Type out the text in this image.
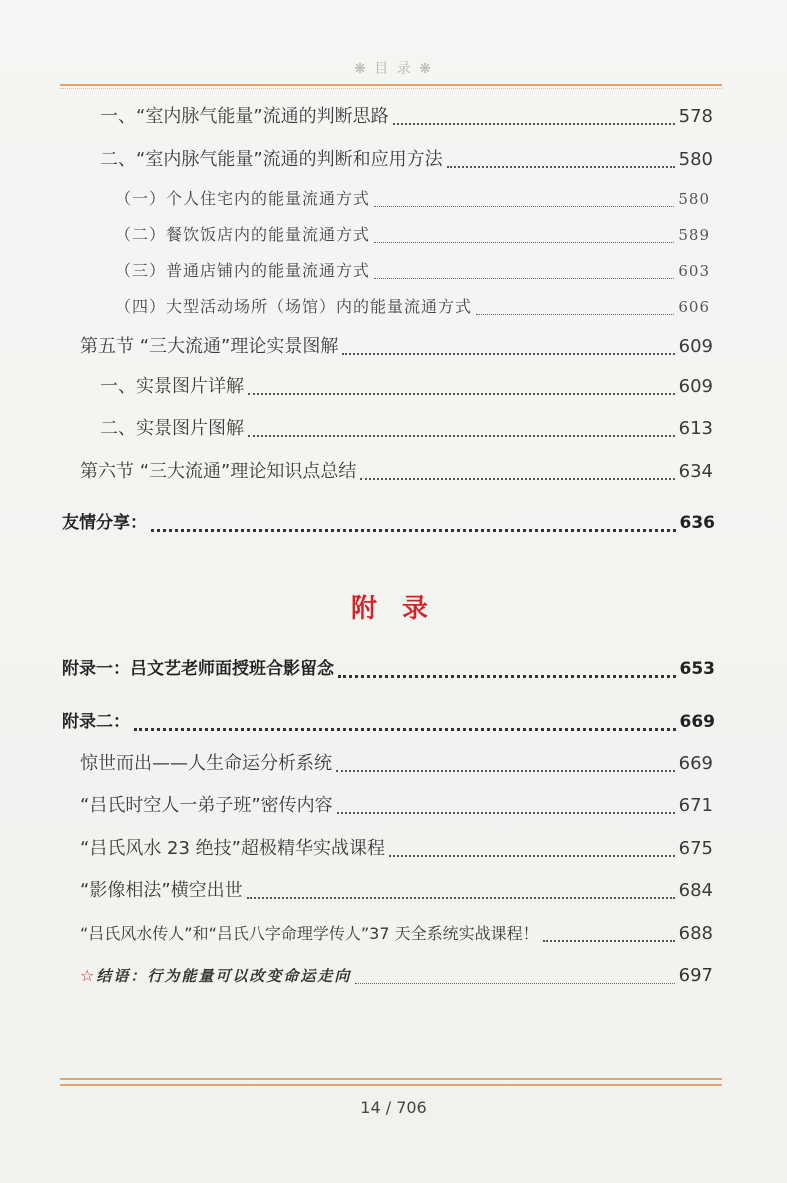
❋ 目 录 ❋
一、“室内脉气能量”流通的判断思路	578
二、“室内脉气能量”流通的判断和应用方法	580
（一）个人住宅内的能量流通方式	580
（二）餐饮饭店内的能量流通方式	589
（三）普通店铺内的能量流通方式	603
（四）大型活动场所（场馆）内的能量流通方式	606
第五节 “三大流通”理论实景图解	609
一、实景图片详解	609
二、实景图片图解	613
第六节 “三大流通”理论知识点总结	634
友情分享：	636
附 录
附录一：吕文艺老师面授班合影留念	653
附录二：	669
惊世而出——人生命运分析系统	669
“吕氏时空人一弟子班”密传内容	671
“吕氏风水 23 绝技”超极精华实战课程	675
“影像相法”横空出世	684
“吕氏风水传人”和“吕氏八字命理学传人”37 天全系统实战课程！	688
☆ 结语：行为能量可以改变命运走向	697
14 / 706
